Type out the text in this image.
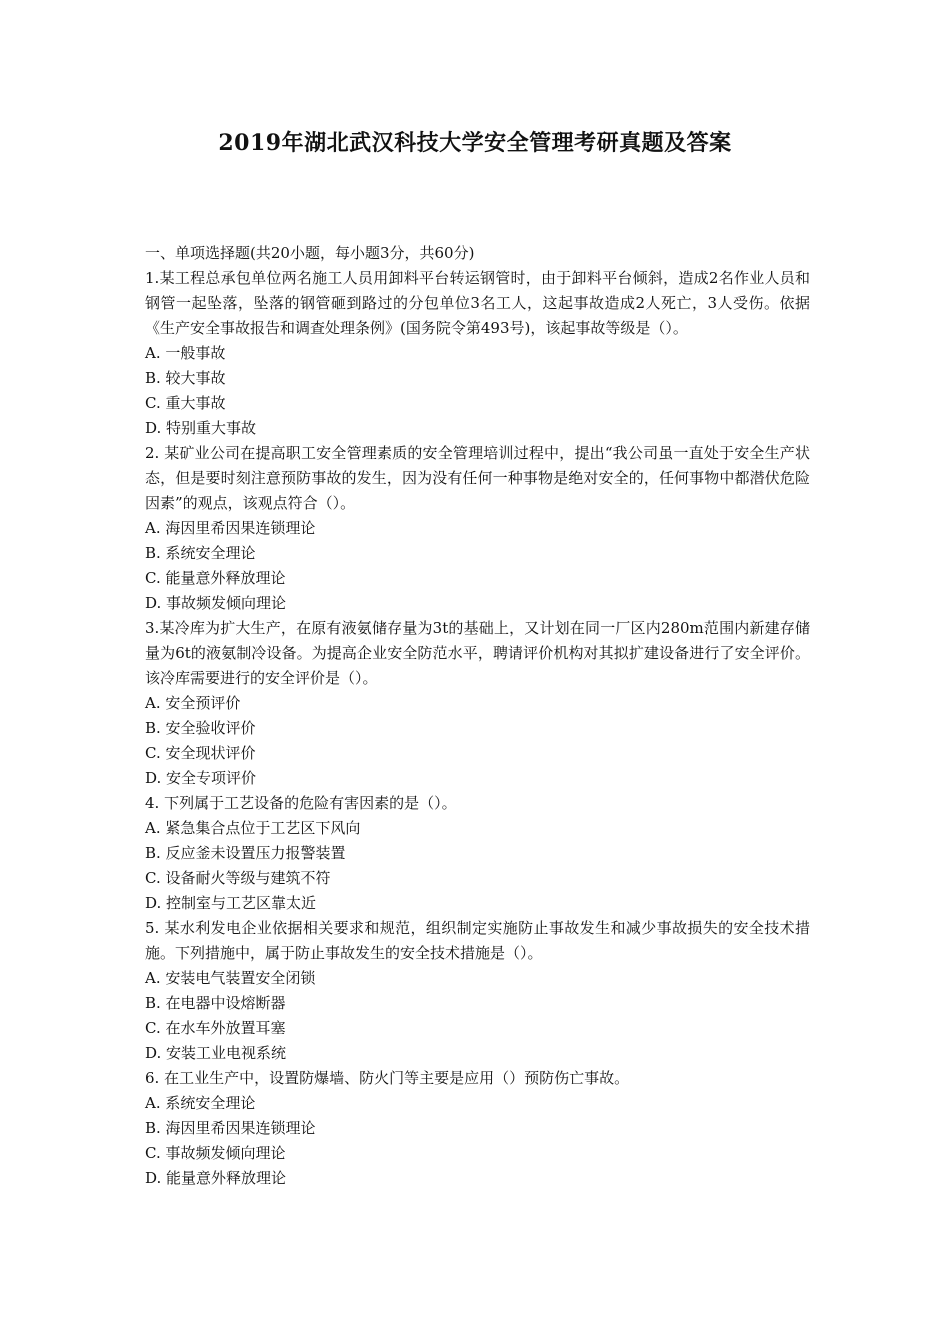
2019年湖北武汉科技大学安全管理考研真题及答案
一、单项选择题(共20小题，每小题3分，共60分)
1.某工程总承包单位两名施工人员用卸料平台转运钢管时，由于卸料平台倾斜，造成2名作业人员和钢管一起坠落，坠落的钢管砸到路过的分包单位3名工人，这起事故造成2人死亡，3人受伤。依据《生产安全事故报告和调查处理条例》(国务院令第493号)，该起事故等级是（）。
A. 一般事故
B. 较大事故
C. 重大事故
D. 特别重大事故
2. 某矿业公司在提高职工安全管理素质的安全管理培训过程中，提出“我公司虽一直处于安全生产状态，但是要时刻注意预防事故的发生，因为没有任何一种事物是绝对安全的，任何事物中都潜伏危险因素”的观点，该观点符合（）。
A. 海因里希因果连锁理论
B. 系统安全理论
C. 能量意外释放理论
D. 事故频发倾向理论
3.某冷库为扩大生产，在原有液氨储存量为3t的基础上，又计划在同一厂区内280m范围内新建存储量为6t的液氨制冷设备。为提高企业安全防范水平，聘请评价机构对其拟扩建设备进行了安全评价。该冷库需要进行的安全评价是（）。
A. 安全预评价
B. 安全验收评价
C. 安全现状评价
D. 安全专项评价
4. 下列属于工艺设备的危险有害因素的是（）。
A. 紧急集合点位于工艺区下风向
B. 反应釜未设置压力报警装置
C. 设备耐火等级与建筑不符
D. 控制室与工艺区靠太近
5. 某水利发电企业依据相关要求和规范，组织制定实施防止事故发生和减少事故损失的安全技术措施。下列措施中，属于防止事故发生的安全技术措施是（）。
A. 安装电气装置安全闭锁
B. 在电器中设熔断器
C. 在水车外放置耳塞
D. 安装工业电视系统
6. 在工业生产中，设置防爆墙、防火门等主要是应用（）预防伤亡事故。
A. 系统安全理论
B. 海因里希因果连锁理论
C. 事故频发倾向理论
D. 能量意外释放理论
